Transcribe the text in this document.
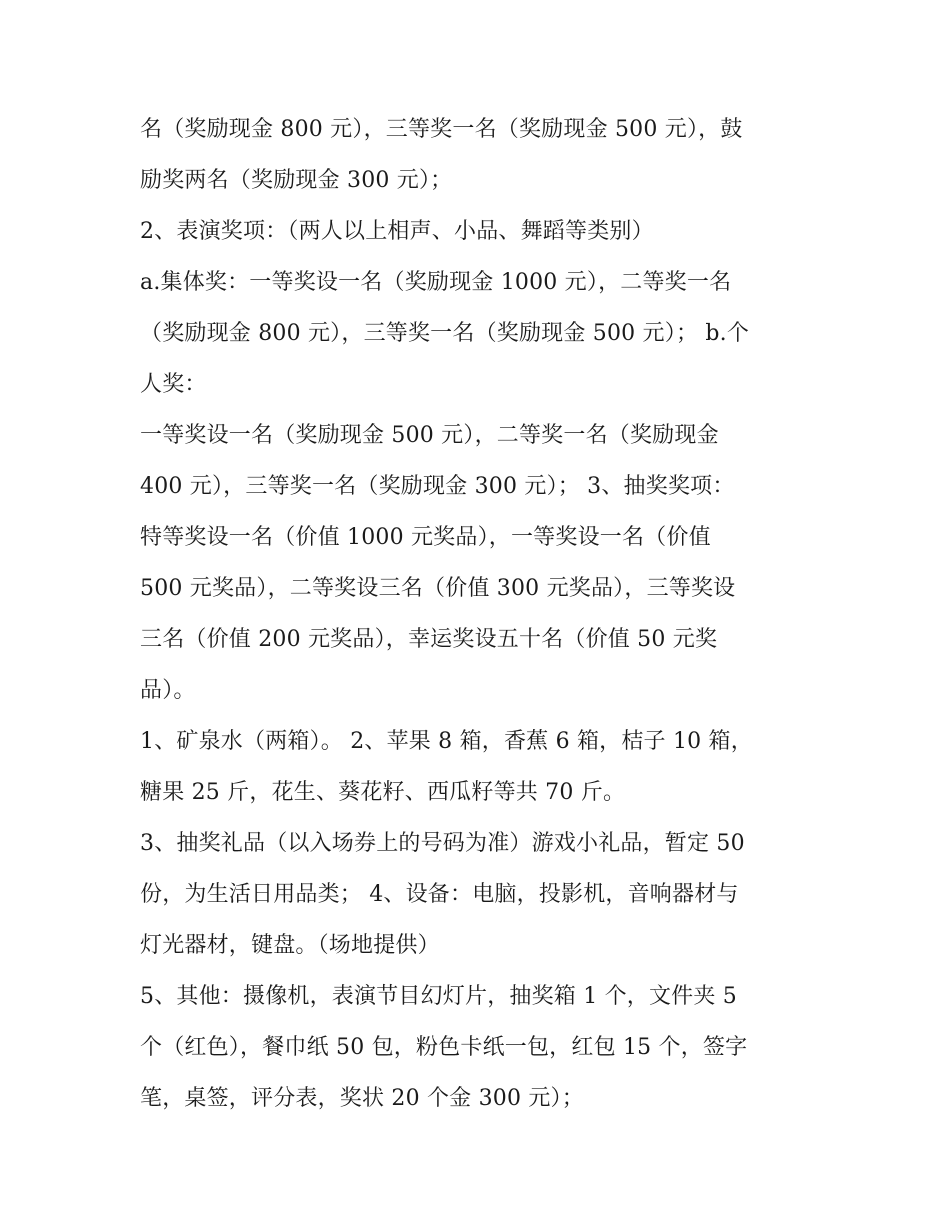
名（奖励现金 800 元），三等奖一名（奖励现金 500 元），鼓
励奖两名（奖励现金 300 元）；
2、表演奖项：（两人以上相声、小品、舞蹈等类别）
a.集体奖：一等奖设一名（奖励现金 1000 元），二等奖一名
（奖励现金 800 元），三等奖一名（奖励现金 500 元）； b.个
人奖：
一等奖设一名（奖励现金 500 元），二等奖一名（奖励现金
400 元），三等奖一名（奖励现金 300 元）； 3、抽奖奖项：
特等奖设一名（价值 1000 元奖品），一等奖设一名（价值
500 元奖品），二等奖设三名（价值 300 元奖品），三等奖设
三名（价值 200 元奖品），幸运奖设五十名（价值 50 元奖
品）。
1、矿泉水（两箱）。 2、苹果 8 箱，香蕉 6 箱，桔子 10 箱，
糖果 25 斤，花生、葵花籽、西瓜籽等共 70 斤。
3、抽奖礼品（以入场券上的号码为准）游戏小礼品，暂定 50
份，为生活日用品类； 4、设备：电脑，投影机，音响器材与
灯光器材，键盘。（场地提供）
5、其他：摄像机，表演节目幻灯片，抽奖箱 1 个，文件夹 5
个（红色），餐巾纸 50 包，粉色卡纸一包，红包 15 个，签字
笔，桌签，评分表，奖状 20 个金 300 元）；
